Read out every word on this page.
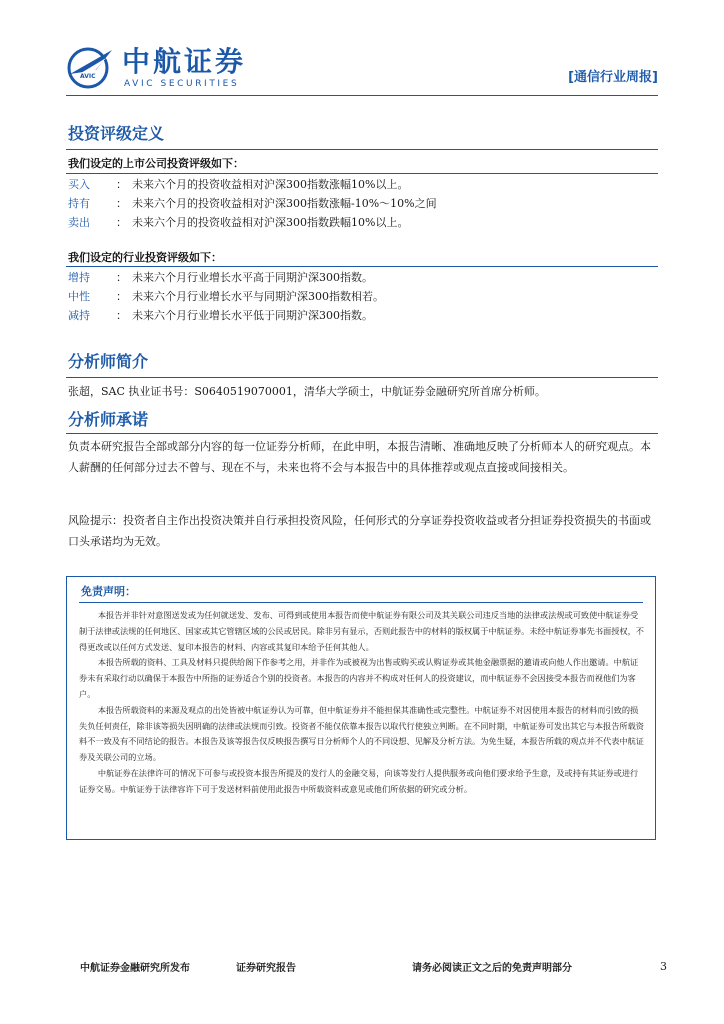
AVIC 中航证券
AVIC SECURITIES	[通信行业周报]
投资评级定义
我们设定的上市公司投资评级如下：
买入 ： 未来六个月的投资收益相对沪深300指数涨幅10%以上。
持有 ： 未来六个月的投资收益相对沪深300指数涨幅-10%～10%之间
卖出 ： 未来六个月的投资收益相对沪深300指数跌幅10%以上。
我们设定的行业投资评级如下：
增持 ： 未来六个月行业增长水平高于同期沪深300指数。
中性 ： 未来六个月行业增长水平与同期沪深300指数相若。
减持 ： 未来六个月行业增长水平低于同期沪深300指数。
分析师简介
张超，SAC 执业证书号：S0640519070001，清华大学硕士，中航证券金融研究所首席分析师。
分析师承诺
负责本研究报告全部或部分内容的每一位证券分析师，在此申明，本报告清晰、准确地反映了分析师本人的研究观点。本人薪酬的任何部分过去不曾与、现在不与，未来也将不会与本报告中的具体推荐或观点直接或间接相关。
风险提示：投资者自主作出投资决策并自行承担投资风险，任何形式的分享证券投资收益或者分担证券投资损失的书面或口头承诺均为无效。
免责声明：

本报告并非针对意图送发或为任何就送发、发布、可得到或使用本报告而使中航证券有限公司及其关联公司违反当地的法律或法规或可致使中航证券受制于法律或法规的任何地区、国家或其它管辖区域的公民或居民。除非另有显示，否则此报告中的材料的版权属于中航证券。未经中航证券事先书面授权，不得更改或以任何方式发送、复印本报告的材料、内容或其复印本给予任何其他人。

本报告所载的资料、工具及材料只提供给阁下作参考之用，并非作为或被视为出售或购买或认购证券或其他金融票据的邀请或向他人作出邀请。中航证券未有采取行动以确保于本报告中所指的证券适合个别的投资者。本报告的内容并不构成对任何人的投资建议，而中航证券不会因接受本报告而视他们为客户。

本报告所载资料的来源及观点的出处皆被中航证券认为可靠，但中航证券并不能担保其准确性或完整性。中航证券不对因使用本报告的材料而引致的损失负任何责任，除非该等损失因明确的法律或法规而引致。投资者不能仅依靠本报告以取代行使独立判断。在不同时期，中航证券可发出其它与本报告所载资料不一致及有不同结论的报告。本报告及该等报告仅反映报告撰写日分析师个人的不同设想、见解及分析方法。为免生疑，本报告所载的观点并不代表中航证券及关联公司的立场。

中航证券在法律许可的情况下可参与或投资本报告所提及的发行人的金融交易，向该等发行人提供服务或向他们要求给予生意，及或持有其证券或进行证券交易。中航证券于法律容许下可于发送材料前使用此报告中所载资料或意见或他们所依据的研究或分析。

中航证券金融研究所发布	证券研究报告	请务必阅读正文之后的免责声明部分	3
